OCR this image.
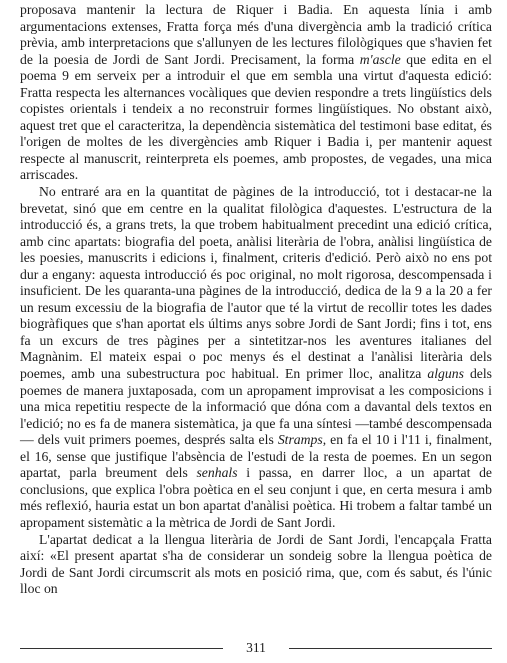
proposava mantenir la lectura de Riquer i Badia. En aquesta línia i amb argumentacions extenses, Fratta força més d'una divergència amb la tradició crítica prèvia, amb interpretacions que s'allunyen de les lectures filològiques que s'havien fet de la poesia de Jordi de Sant Jordi. Precisament, la forma m'ascle que edita en el poema 9 em serveix per a introduir el que em sembla una virtut d'aquesta edició: Fratta respecta les alternances vocàliques que devien respondre a trets lingüístics dels copistes orientals i tendeix a no reconstruir formes lingüístiques. No obstant això, aquest tret que el caracteritza, la dependència sistemàtica del testimoni base editat, és l'origen de moltes de les divergències amb Riquer i Badia i, per mantenir aquest respecte al manuscrit, reinterpreta els poemes, amb propostes, de vegades, una mica arriscades.

No entraré ara en la quantitat de pàgines de la introducció, tot i destacar-ne la brevetat, sinó que em centre en la qualitat filològica d'aquestes. L'estructura de la introducció és, a grans trets, la que trobem habitualment precedint una edició crítica, amb cinc apartats: biografia del poeta, anàlisi literària de l'obra, anàlisi lingüística de les poesies, manuscrits i edicions i, finalment, criteris d'edició. Però això no ens pot dur a engany: aquesta introducció és poc original, no molt rigorosa, descompensada i insuficient. De les quaranta-una pàgines de la introducció, dedica de la 9 a la 20 a fer un resum excessiu de la biografia de l'autor que té la virtut de recollir totes les dades biogràfiques que s'han aportat els últims anys sobre Jordi de Sant Jordi; fins i tot, ens fa un excurs de tres pàgines per a sintetitzar-nos les aventures italianes del Magnànim. El mateix espai o poc menys és el destinat a l'anàlisi literària dels poemes, amb una subestructura poc habitual. En primer lloc, analitza alguns dels poemes de manera juxtaposada, com un apropament improvisat a les composicions i una mica repetitiu respecte de la informació que dóna com a davantal dels textos en l'edició; no es fa de manera sistemàtica, ja que fa una síntesi —també descompensada— dels vuit primers poemes, després salta els Stramps, en fa el 10 i l'11 i, finalment, el 16, sense que justifique l'absència de l'estudi de la resta de poemes. En un segon apartat, parla breument dels senhals i passa, en darrer lloc, a un apartat de conclusions, que explica l'obra poètica en el seu conjunt i que, en certa mesura i amb més reflexió, hauria estat un bon apartat d'anàlisi poètica. Hi trobem a faltar també un apropament sistemàtic a la mètrica de Jordi de Sant Jordi.

L'apartat dedicat a la llengua literària de Jordi de Sant Jordi, l'encapçala Fratta així: «El present apartat s'ha de considerar un sondeig sobre la llengua poètica de Jordi de Sant Jordi circumscrit als mots en posició rima, que, com és sabut, és l'únic lloc on

311
